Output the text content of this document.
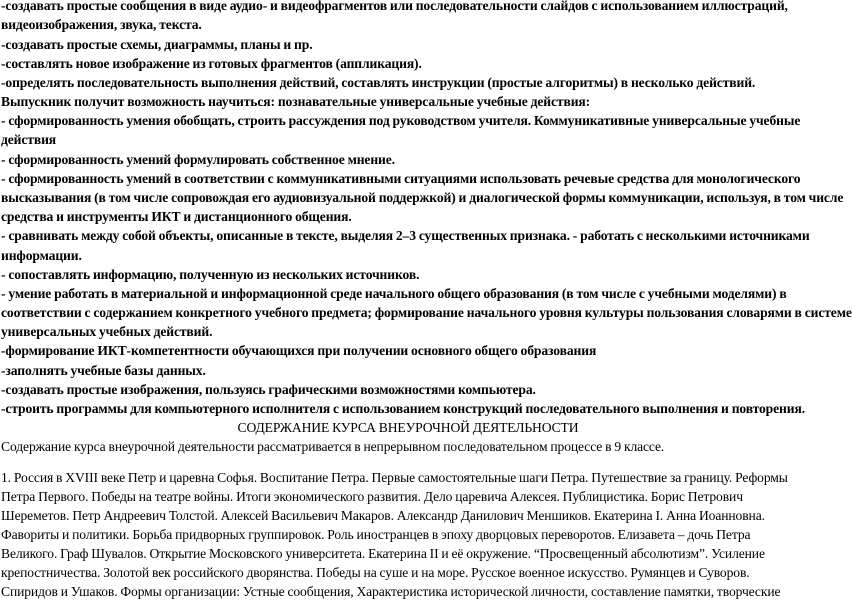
-создавать простые сообщения в виде аудио- и видеофрагментов или последовательности слайдов с использованием иллюстраций,
видеоизображения, звука, текста.
-создавать простые схемы, диаграммы, планы и пр.
-составлять новое изображение из готовых фрагментов (аппликация).
-определять последовательность выполнения действий, составлять инструкции (простые алгоритмы) в несколько действий.
Выпускник получит возможность научиться: познавательные универсальные учебные действия:
- сформированность умения обобщать, строить рассуждения под руководством учителя. Коммуникативные универсальные учебные
действия
- сформированность умений формулировать собственное мнение.
- сформированность умений в соответствии с коммуникативными ситуациями использовать речевые средства для монологического
высказывания (в том числе сопровождая его аудиовизуальной поддержкой) и диалогической формы коммуникации, используя, в том числе
средства и инструменты ИКТ и дистанционного общения.
- сравнивать между собой объекты, описанные в тексте, выделяя 2–3 существенных признака. - работать с несколькими источниками
информации.
- сопоставлять информацию, полученную из нескольких источников.
- умение работать в материальной и информационной среде начального общего образования (в том числе с учебными моделями) в
соответствии с содержанием конкретного учебного предмета; формирование начального уровня культуры пользования словарями в системе
универсальных учебных действий.
-формирование ИКТ-компетентности обучающихся при получении основного общего образования
-заполнять учебные базы данных.
-создавать простые изображения, пользуясь графическими возможностями компьютера.
-строить программы для компьютерного исполнителя с использованием конструкций последовательного выполнения и повторения.
СОДЕРЖАНИЕ КУРСА ВНЕУРОЧНОЙ ДЕЯТЕЛЬНОСТИ
Содержание курса внеурочной деятельности рассматривается в непрерывном последовательном процессе в 9 классе.
1. Россия в XVIII веке Петр и царевна Софья. Воспитание Петра. Первые самостоятельные шаги Петра. Путешествие за границу. Реформы
Петра Первого. Победы на театре войны. Итоги экономического развития. Дело царевича Алексея. Публицистика. Борис Петрович
Шереметов. Петр Андреевич Толстой. Алексей Васильевич Макаров. Александр Данилович Меншиков. Екатерина I. Анна Иоанновна.
Фавориты и политики. Борьба придворных группировок. Роль иностранцев в эпоху дворцовых переворотов. Елизавета – дочь Петра
Великого. Граф Шувалов. Открытие Московского университета. Екатерина II и её окружение. “Просвещенный абсолютизм”. Усиление
крепостничества. Золотой век российского дворянства. Победы на суше и на море. Русское военное искусство. Румянцев и Суворов.
Спиридов и Ушаков. Формы организации: Устные сообщения, Характеристика исторической личности, составление памятки, творческие
